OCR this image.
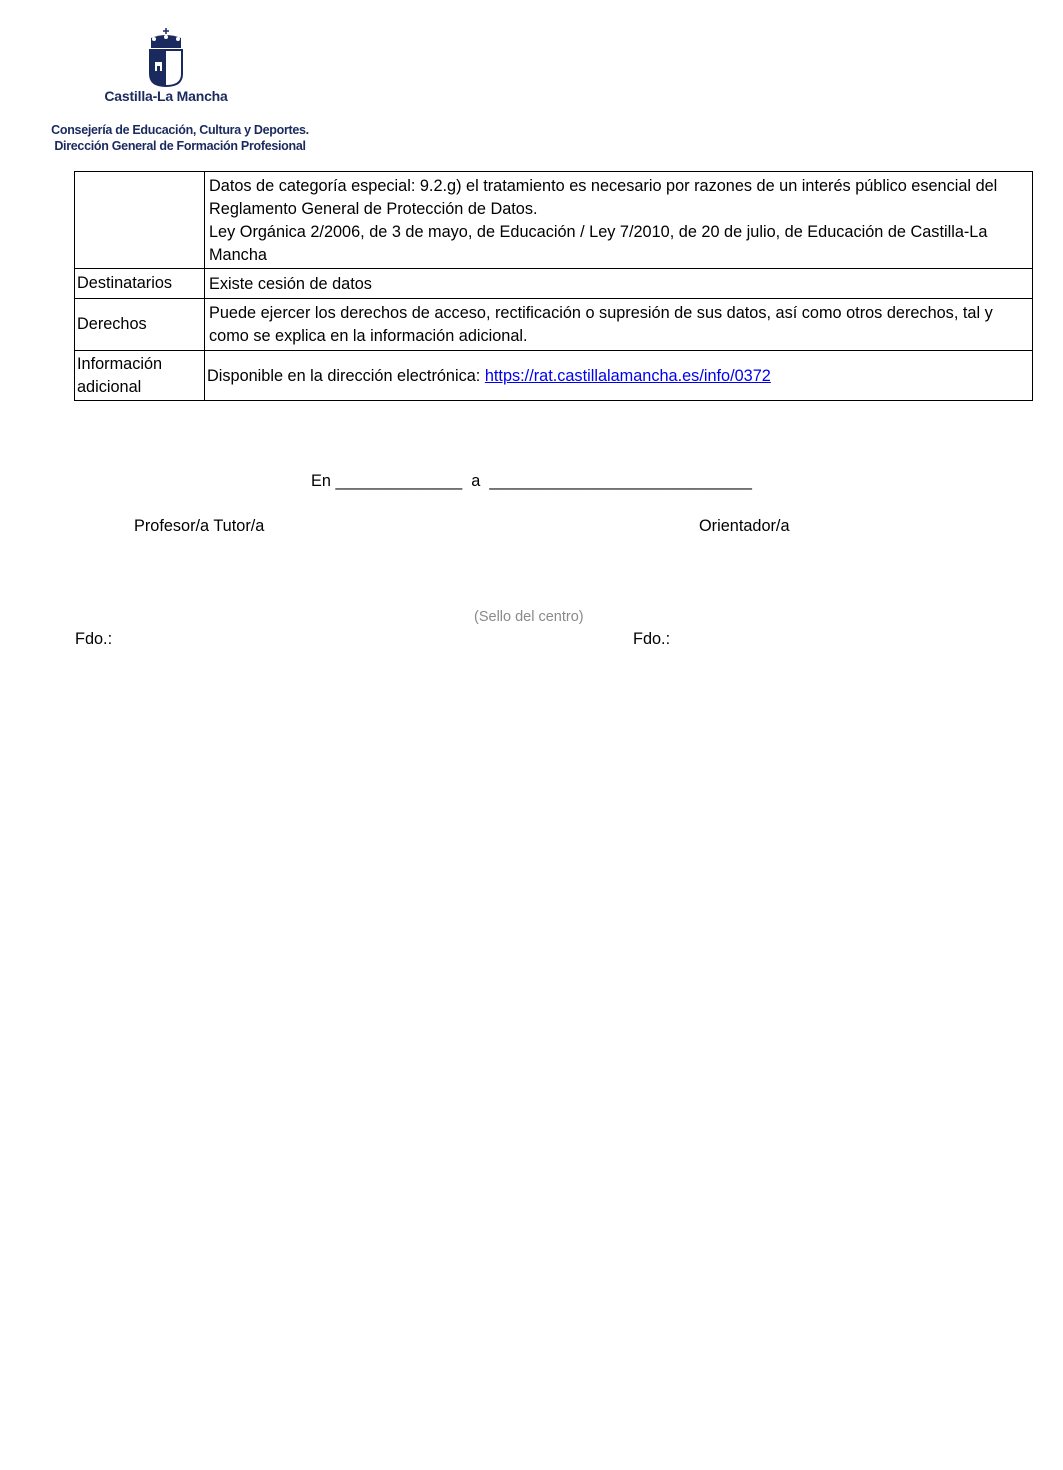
Castilla-La Mancha
Consejería de Educación, Cultura y Deportes.
Dirección General de Formación Profesional

	Datos de categoría especial: 9.2.g) el tratamiento es necesario por razones de un interés público esencial del Reglamento General de Protección de Datos.
Ley Orgánica 2/2006, de 3 de mayo, de Educación / Ley 7/2010, de 20 de julio, de Educación de Castilla-La Mancha

Destinatarios	Existe cesión de datos
Derechos	Puede ejercer los derechos de acceso, rectificación o supresión de sus datos, así como otros derechos, tal y como se explica en la información adicional.
Información adicional	Disponible en la dirección electrónica: https://rat.castillalamancha.es/info/0372
En ______________  a  _____________________________
Profesor/a Tutor/a	Orientador/a
(Sello del centro)
Fdo.:	Fdo.:
